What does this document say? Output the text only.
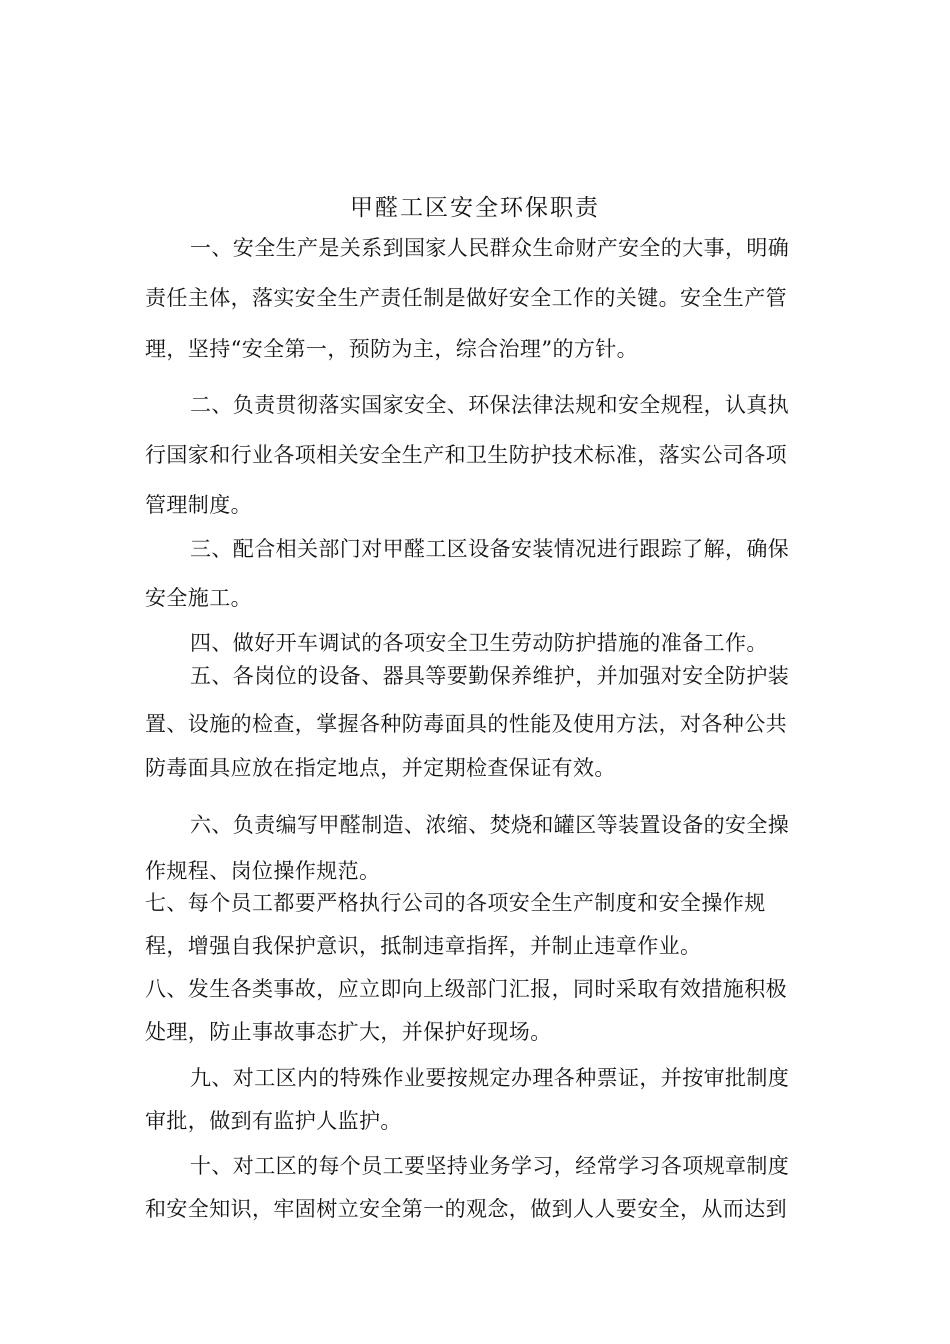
甲醛工区安全环保职责
一、安全生产是关系到国家人民群众生命财产安全的大事，明确
责任主体，落实安全生产责任制是做好安全工作的关键。安全生产管
理，坚持“安全第一，预防为主，综合治理”的方针。
二、负责贯彻落实国家安全、环保法律法规和安全规程，认真执
行国家和行业各项相关安全生产和卫生防护技术标准，落实公司各项
管理制度。
三、配合相关部门对甲醛工区设备安装情况进行跟踪了解，确保
安全施工。
四、做好开车调试的各项安全卫生劳动防护措施的准备工作。
五、各岗位的设备、器具等要勤保养维护，并加强对安全防护装
置、设施的检查，掌握各种防毒面具的性能及使用方法，对各种公共
防毒面具应放在指定地点，并定期检查保证有效。
六、负责编写甲醛制造、浓缩、焚烧和罐区等装置设备的安全操
作规程、岗位操作规范。
七、每个员工都要严格执行公司的各项安全生产制度和安全操作规
程，增强自我保护意识，抵制违章指挥，并制止违章作业。
八、发生各类事故，应立即向上级部门汇报，同时采取有效措施积极
处理，防止事故事态扩大，并保护好现场。
九、对工区内的特殊作业要按规定办理各种票证，并按审批制度
审批，做到有监护人监护。
十、对工区的每个员工要坚持业务学习，经常学习各项规章制度
和安全知识，牢固树立安全第一的观念，做到人人要安全，从而达到
